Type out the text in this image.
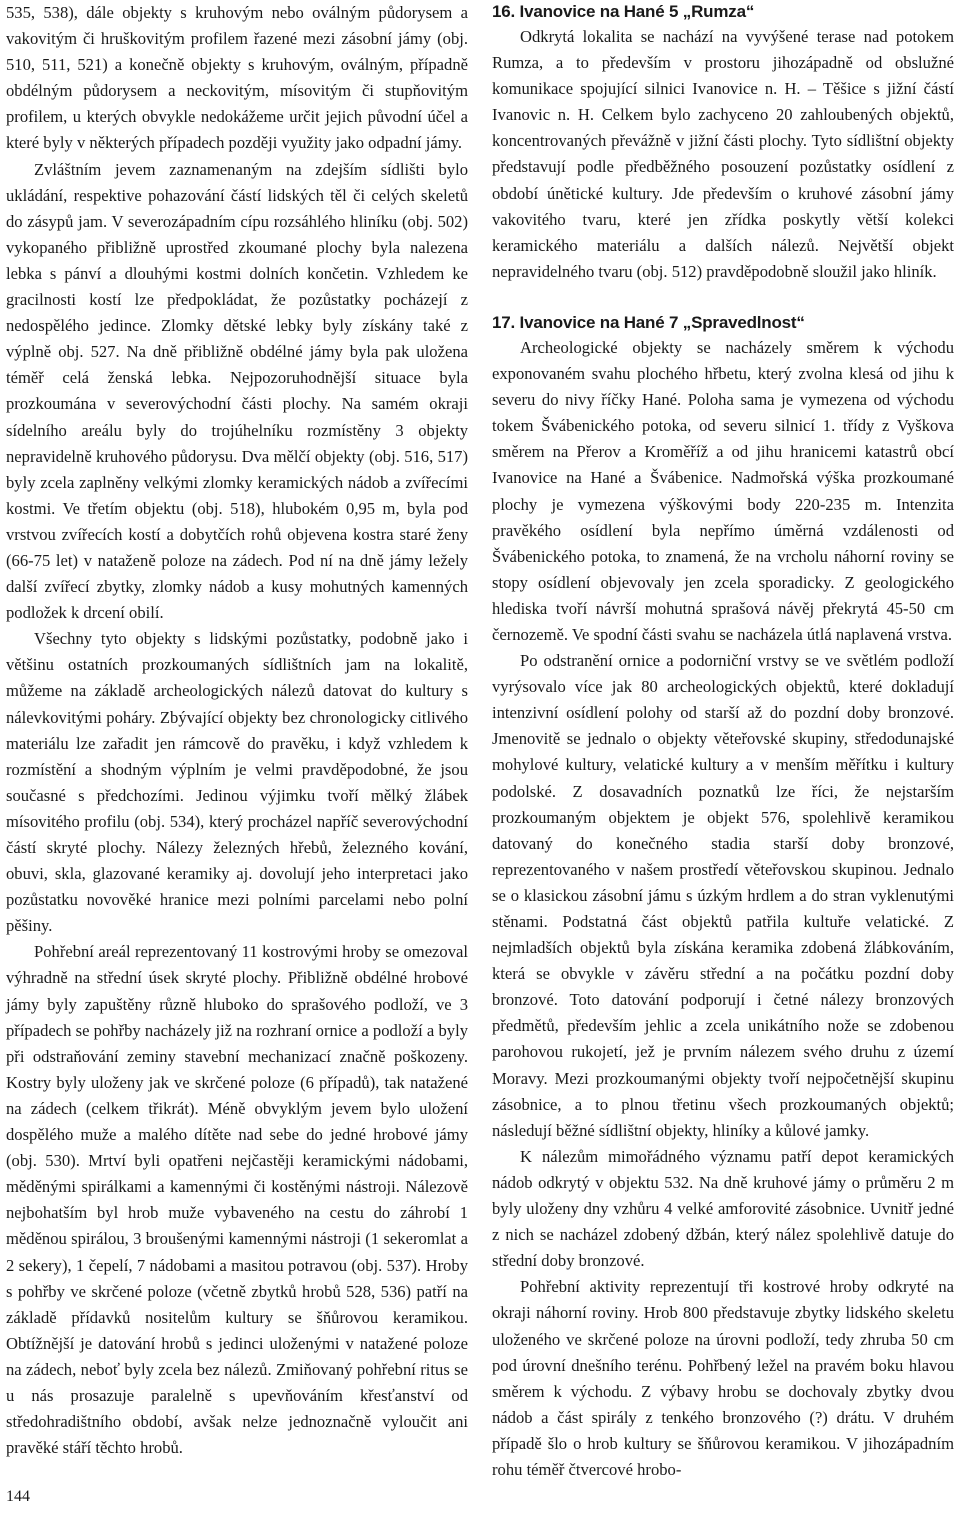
535, 538), dále objekty s kruhovým nebo oválným půdorysem a vakovitým či hruškovitým profilem řazené mezi zásobní jámy (obj. 510, 511, 521) a konečně objekty s kruhovým, oválným, případně obdélným půdorysem a neckovitým, mísovitým či stupňovitým profilem, u kterých obvykle nedokážeme určit jejich původní účel a které byly v některých případech později využity jako odpadní jámy.

Zvláštním jevem zaznamenaným na zdejším sídlišti bylo ukládání, respektive pohazování částí lidských těl či celých skeletů do zásypů jam. V severozápadním cípu rozsáhlého hliníku (obj. 502) vykopaného přibližně uprostřed zkoumané plochy byla nalezena lebka s pánví a dlouhými kostmi dolních končetin. Vzhledem ke gracilnosti kostí lze předpokládat, že pozůstatky pocházejí z nedospělého jedince. Zlomky dětské lebky byly získány také z výplně obj. 527. Na dně přibližně obdélné jámy byla pak uložena téměř celá ženská lebka. Nejpozoruhodnější situace byla prozkoumána v severovýchodní části plochy. Na samém okraji sídelního areálu byly do trojúhelníku rozmístěny 3 objekty nepravidelně kruhového půdorysu. Dva mělčí objekty (obj. 516, 517) byly zcela zaplněny velkými zlomky keramických nádob a zvířecími kostmi. Ve třetím objektu (obj. 518), hlubokém 0,95 m, byla pod vrstvou zvířecích kostí a dobytčích rohů objevena kostra staré ženy (66-75 let) v nataženě poloze na zádech. Pod ní na dně jámy ležely další zvířecí zbytky, zlomky nádob a kusy mohutných kamenných podložek k drcení obilí.

Všechny tyto objekty s lidskými pozůstatky, podobně jako i většinu ostatních prozkoumaných sídlištních jam na lokalitě, můžeme na základě archeologických nálezů datovat do kultury s nálevkovitými poháry. Zbývající objekty bez chronologicky citlivého materiálu lze zařadit jen rámcově do pravěku, i když vzhledem k rozmístění a shodným výplním je velmi pravděpodobné, že jsou současné s předchozími. Jedinou výjimku tvoří mělký žlábek mísovitého profilu (obj. 534), který procházel napříč severovýchodní částí skryté plochy. Nálezy železných hřebů, železného kování, obuvi, skla, glazované keramiky aj. dovolují jeho interpretaci jako pozůstatku novověké hranice mezi polními parcelami nebo polní pěšiny.

Pohřební areál reprezentovaný 11 kostrovými hroby se omezoval výhradně na střední úsek skryté plochy. Přibližně obdélné hrobové jámy byly zapuštěny různě hluboko do sprašového podloží, ve 3 případech se pohřby nacházely již na rozhraní ornice a podloží a byly při odstraňování zeminy stavební mechanizací značně poškozeny. Kostry byly uloženy jak ve skrčené poloze (6 případů), tak natažené na zádech (celkem třikrát). Méně obvyklým jevem bylo uložení dospělého muže a malého dítěte nad sebe do jedné hrobové jámy (obj. 530). Mrtví byli opatřeni nejčastěji keramickými nádobami, měděnými spirálkami a kamennými či kostěnými nástroji. Nálezově nejbohatším byl hrob muže vybaveného na cestu do záhrobí 1 měděnou spirálou, 3 broušenými kamennými nástroji (1 sekeromlat a 2 sekery), 1 čepelí, 7 nádobami a masitou potravou (obj. 537). Hroby s pohřby ve skrčené poloze (včetně zbytků hrobů 528, 536) patří na základě přídavků nositelům kultury se šňůrovou keramikou. Obtížnější je datování hrobů s jedinci uloženými v natažené poloze na zádech, neboť byly zcela bez nálezů. Zmiňovaný pohřební ritus se u nás prosazuje paralelně s upevňováním křesťanství od středohradištního období, avšak nelze jednoznačně vyloučit ani pravěké stáří těchto hrobů.

16. Ivanovice na Hané 5 „Rumza“

Odkrytá lokalita se nachází na vyvýšené terase nad potokem Rumza, a to především v prostoru jihozápadně od obslužné komunikace spojující silnici Ivanovice n. H. – Těšice s jižní částí Ivanovic n. H. Celkem bylo zachyceno 20 zahloubených objektů, koncentrovaných převážně v jižní části plochy. Tyto sídlištní objekty představují podle předběžného posouzení pozůstatky osídlení z období únětické kultury. Jde především o kruhové zásobní jámy vakovitého tvaru, které jen zřídka poskytly větší kolekci keramického materiálu a dalších nálezů. Největší objekt nepravidelného tvaru (obj. 512) pravděpodobně sloužil jako hliník.

17. Ivanovice na Hané 7 „Spravedlnost“

Archeologické objekty se nacházely směrem k východu exponovaném svahu plochého hřbetu, který zvolna klesá od jihu k severu do nivy říčky Hané. Poloha sama je vymezena od východu tokem Švábenického potoka, od severu silnicí 1. třídy z Vyškova směrem na Přerov a Kroměříž a od jihu hranicemi katastrů obcí Ivanovice na Hané a Švábenice. Nadmořská výška prozkoumané plochy je vymezena výškovými body 220-235 m. Intenzita pravěkého osídlení byla nepřímo úměrná vzdálenosti od Švábenického potoka, to znamená, že na vrcholu náhorní roviny se stopy osídlení objevovaly jen zcela sporadicky. Z geologického hlediska tvoří návrší mohutná sprašová návěj překrytá 45-50 cm černozemě. Ve spodní části svahu se nacházela útlá naplavená vrstva.

Po odstranění ornice a podorniční vrstvy se ve světlém podloží vyrýsovalo více jak 80 archeologických objektů, které dokladují intenzivní osídlení polohy od starší až do pozdní doby bronzové. Jmenovitě se jednalo o objekty věteřovské skupiny, středodunajské mohylové kultury, velatické kultury a v menším měřítku i kultury podolské. Z dosavadních poznatků lze říci, že nejstarším prozkoumaným objektem je objekt 576, spolehlivě keramikou datovaný do konečného stadia starší doby bronzové, reprezentovaného v našem prostředí věteřovskou skupinou. Jednalo se o klasickou zásobní jámu s úzkým hrdlem a do stran vyklenutými stěnami. Podstatná část objektů patřila kultuře velatické. Z nejmladších objektů byla získána keramika zdobená žlábkováním, která se obvykle v závěru střední a na počátku pozdní doby bronzové. Toto datování podporují i četné nálezy bronzových předmětů, především jehlic a zcela unikátního nože se zdobenou parohovou rukojetí, jež je prvním nálezem svého druhu z území Moravy. Mezi prozkoumanými objekty tvoří nejpočetnější skupinu zásobnice, a to plnou třetinu všech prozkoumaných objektů; následují běžné sídlištní objekty, hliníky a kůlové jamky.

K nálezům mimořádného významu patří depot keramických nádob odkrytý v objektu 532. Na dně kruhové jámy o průměru 2 m byly uloženy dny vzhůru 4 velké amforovité zásobnice. Uvnitř jedné z nich se nacházel zdobený džbán, který nález spolehlivě datuje do střední doby bronzové.

Pohřební aktivity reprezentují tři kostrové hroby odkryté na okraji náhorní roviny. Hrob 800 představuje zbytky lidského skeletu uloženého ve skrčené poloze na úrovni podloží, tedy zhruba 50 cm pod úrovní dnešního terénu. Pohřbený ležel na pravém boku hlavou směrem k východu. Z výbavy hrobu se dochovaly zbytky dvou nádob a část spirály z tenkého bronzového (?) drátu. V druhém případě šlo o hrob kultury se šňůrovou keramikou. V jihozápadním rohu téměř čtvercové hrobo-

144
